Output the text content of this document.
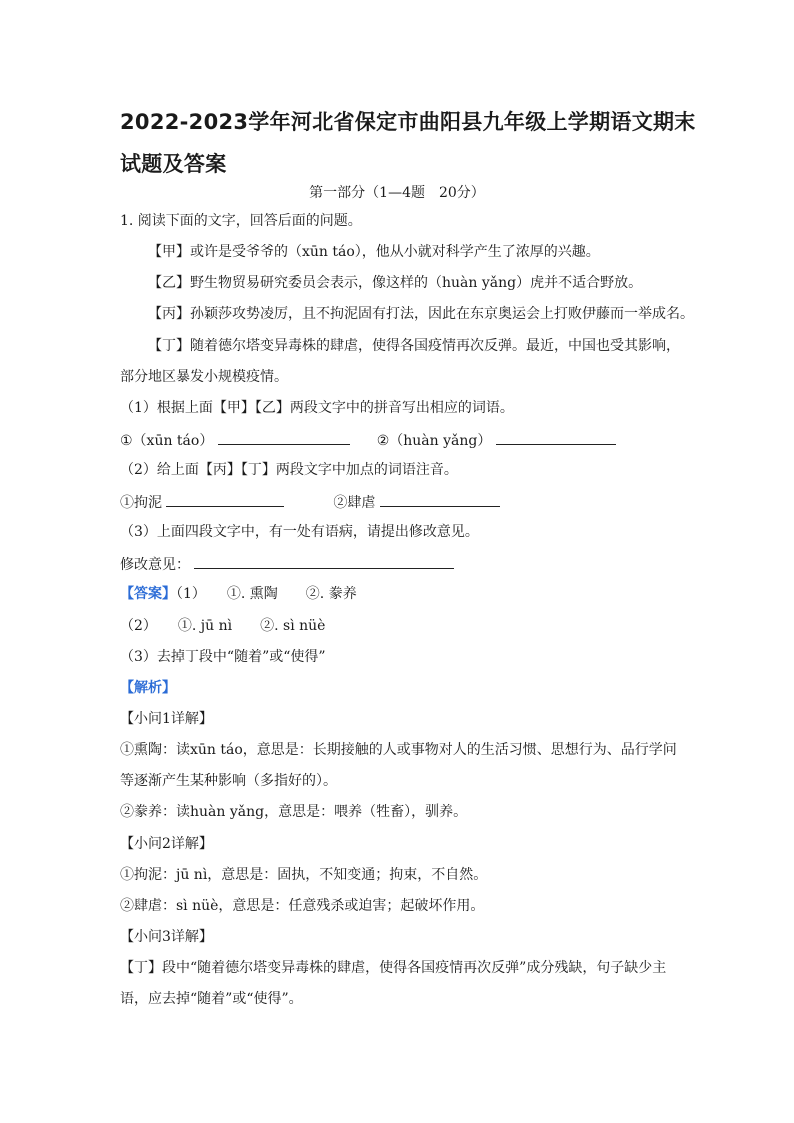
2022-2023学年河北省保定市曲阳县九年级上学期语文期末
试题及答案
第一部分（1—4题　20分）
1. 阅读下面的文字，回答后面的问题。
【甲】或许是受爷爷的（xūn táo），他从小就对科学产生了浓厚的兴趣。
【乙】野生物贸易研究委员会表示，像这样的（huàn yǎng）虎并不适合野放。
【丙】孙颖莎攻势凌厉，且不拘泥固有打法，因此在东京奥运会上打败伊藤而一举成名。
【丁】随着德尔塔变异毒株的肆虐，使得各国疫情再次反弹。最近，中国也受其影响，
部分地区暴发小规模疫情。
（1）根据上面【甲】【乙】两段文字中的拼音写出相应的词语。
①（xūn táo）	②（huàn yǎng）
（2）给上面【丙】【丁】两段文字中加点的词语注音。
①拘泥	②肆虐
（3）上面四段文字中，有一处有语病，请提出修改意见。
修改意见：
【答案】（1）　　①. 熏陶　　②. 豢养
（2）　　①. jū nì　　②. sì nüè
（3）去掉丁段中“随着”或“使得”
【解析】
【小问1详解】
①熏陶：读xūn táo，意思是：长期接触的人或事物对人的生活习惯、思想行为、品行学问
等逐渐产生某种影响（多指好的）。
②豢养：读huàn yǎng，意思是：喂养（牲畜），驯养。
【小问2详解】
①拘泥：jū nì，意思是：固执，不知变通；拘束，不自然。
②肆虐：sì nüè，意思是：任意残杀或迫害；起破坏作用。
【小问3详解】
【丁】段中“随着德尔塔变异毒株的肆虐，使得各国疫情再次反弹”成分残缺，句子缺少主
语，应去掉“随着”或“使得”。
